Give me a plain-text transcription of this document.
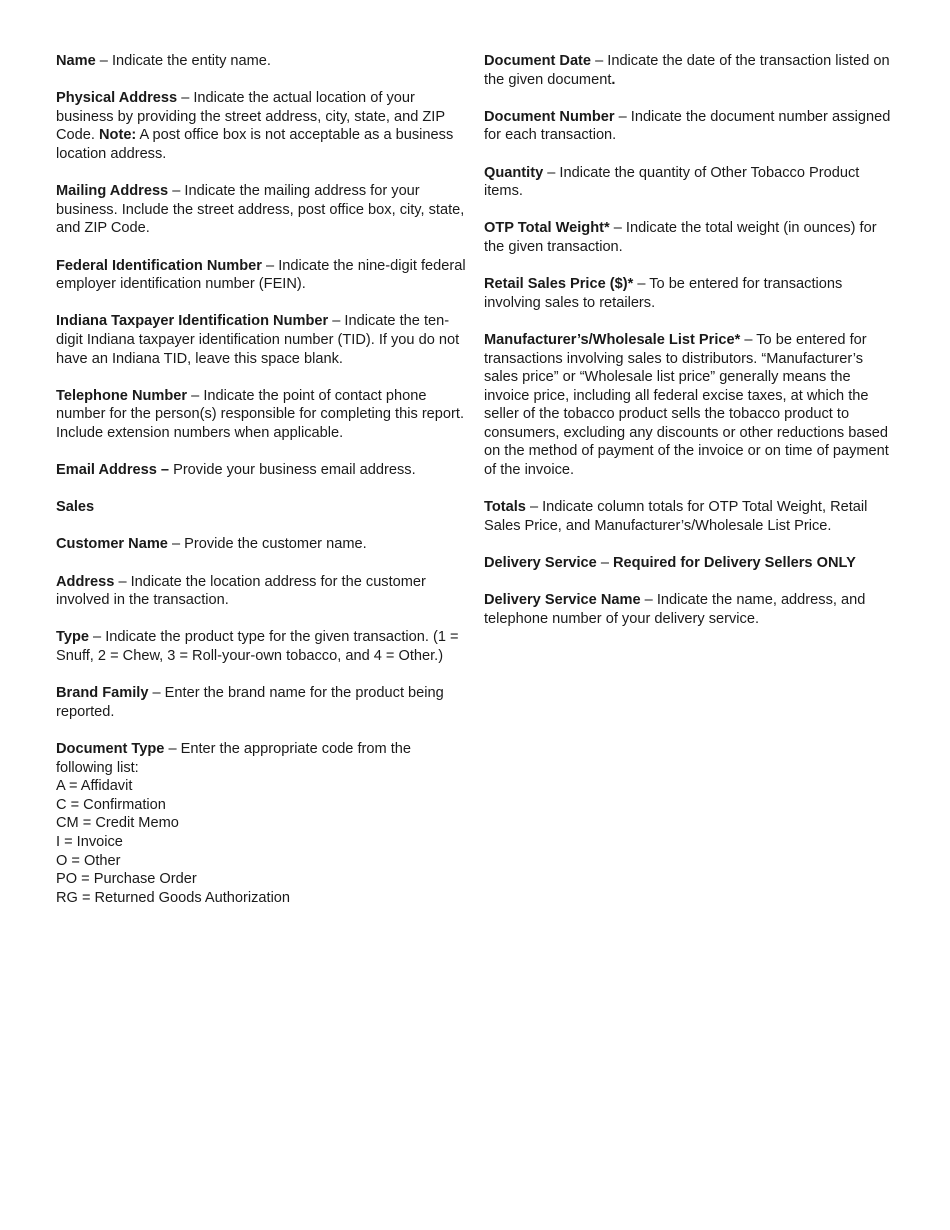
Name – Indicate the entity name.

Physical Address – Indicate the actual location of your business by providing the street address, city, state, and ZIP Code. Note: A post office box is not acceptable as a business location address.

Mailing Address – Indicate the mailing address for your business. Include the street address, post office box, city, state, and ZIP Code.

Federal Identification Number – Indicate the nine-digit federal employer identification number (FEIN).

Indiana Taxpayer Identification Number – Indicate the ten-digit Indiana taxpayer identification number (TID). If you do not have an Indiana TID, leave this space blank.

Telephone Number – Indicate the point of contact phone number for the person(s) responsible for completing this report. Include extension numbers when applicable.

Email Address – Provide your business email address.

Sales

Customer Name – Provide the customer name.

Address – Indicate the location address for the customer involved in the transaction.

Type – Indicate the product type for the given transaction. (1 = Snuff, 2 = Chew, 3 = Roll-your-own tobacco, and 4 = Other.)

Brand Family – Enter the brand name for the product being reported.

Document Type – Enter the appropriate code from the following list:
A = Affidavit
C = Confirmation
CM = Credit Memo
I = Invoice
O = Other
PO = Purchase Order
RG = Returned Goods Authorization

Document Date – Indicate the date of the transaction listed on the given document.

Document Number – Indicate the document number assigned for each transaction.

Quantity – Indicate the quantity of Other Tobacco Product items.

OTP Total Weight* – Indicate the total weight (in ounces) for the given transaction.

Retail Sales Price ($)* – To be entered for transactions involving sales to retailers.

Manufacturer’s/Wholesale List Price* – To be entered for transactions involving sales to distributors. “Manufacturer’s sales price” or “Wholesale list price” generally means the invoice price, including all federal excise taxes, at which the seller of the tobacco product sells the tobacco product to consumers, excluding any discounts or other reductions based on the method of payment of the invoice or on time of payment of the invoice.

Totals – Indicate column totals for OTP Total Weight, Retail Sales Price, and Manufacturer’s/Wholesale List Price.

Delivery Service – Required for Delivery Sellers ONLY

Delivery Service Name – Indicate the name, address, and telephone number of your delivery service.
